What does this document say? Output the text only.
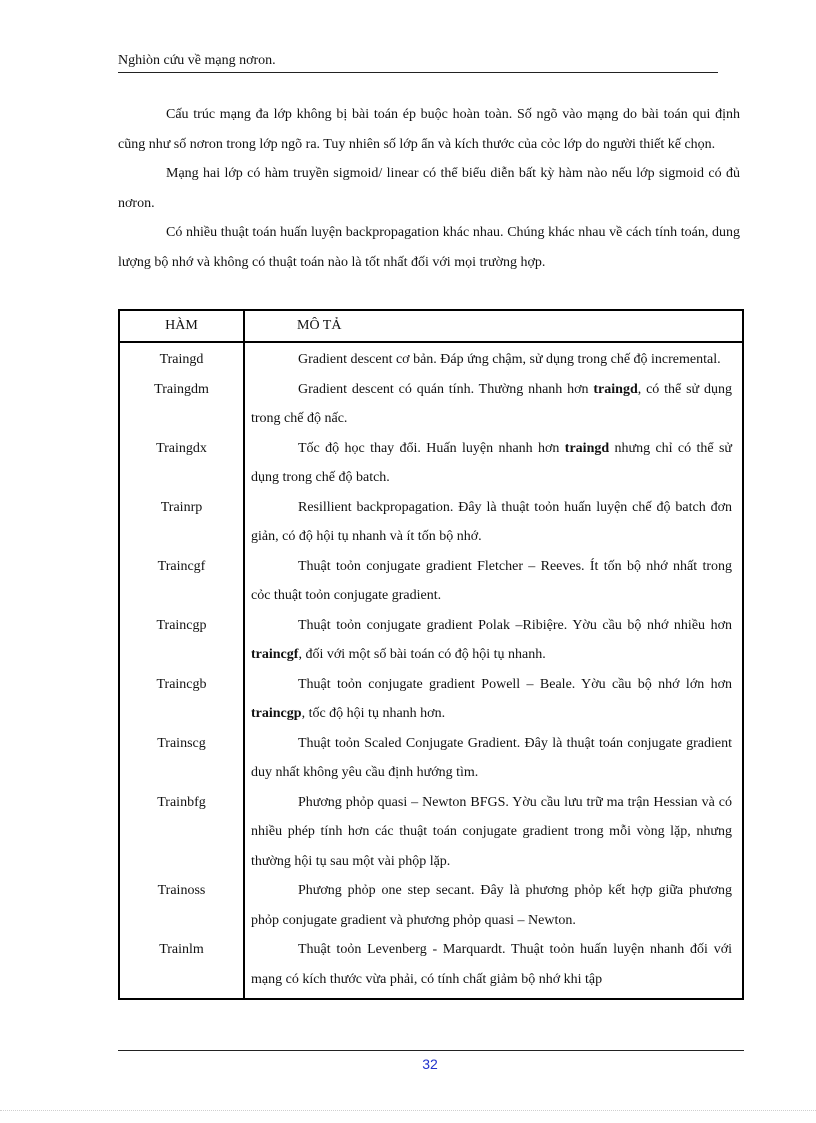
Nghiòn cứu về mạng nơron.

Cấu trúc mạng đa lớp không bị bài toán ép buộc hoàn toàn. Số ngõ vào mạng do bài toán qui định cũng như số nơron trong lớp ngõ ra. Tuy nhiên số lớp ẩn và kích thước của cỏc lớp do người thiết kế chọn.

Mạng hai lớp có hàm truyền sigmoid/ linear có thể biểu diễn bất kỳ hàm nào nếu lớp sigmoid có đủ nơron.

Có nhiều thuật toán huấn luyện backpropagation khác nhau. Chúng khác nhau về cách tính toán, dung lượng bộ nhớ và không có thuật toán nào là tốt nhất đối với mọi trường hợp.

HÀM	MÔ TẢ
Traingd	Gradient descent cơ bản. Đáp ứng chậm, sử dụng trong chế độ incremental.
Traingdm	Gradient descent có quán tính. Thường nhanh hơn traingd, có thể sử dụng trong chế độ nấc.
Traingdx	Tốc độ học thay đổi. Huấn luyện nhanh hơn traingd nhưng chỉ có thể sử dụng trong chế độ batch.
Trainrp	Resillient backpropagation. Đây là thuật toỏn huấn luyện chế độ batch đơn giản, có độ hội tụ nhanh và ít tốn bộ nhớ.
Traincgf	Thuật toỏn conjugate gradient Fletcher – Reeves. Ít tốn bộ nhớ nhất trong cỏc thuật toỏn conjugate gradient.
Traincgp	Thuật toỏn conjugate gradient Polak –Ribiệre. Yờu cầu bộ nhớ nhiều hơn traincgf, đối với một số bài toán có độ hội tụ nhanh.
Traincgb	Thuật toỏn conjugate gradient Powell – Beale. Yờu cầu bộ nhớ lớn hơn traincgp, tốc độ hội tụ nhanh hơn.
Trainscg	Thuật toỏn Scaled Conjugate Gradient. Đây là thuật toán conjugate gradient duy nhất không yêu cầu định hướng tìm.
Trainbfg	Phương phỏp quasi – Newton BFGS. Yờu cầu lưu trữ ma trận Hessian và có nhiều phép tính hơn các thuật toán conjugate gradient trong mỗi vòng lặp, nhưng thường hội tụ sau một vài phộp lặp.
Trainoss	Phương phỏp one step secant. Đây là phương phỏp kết hợp giữa phương phỏp conjugate gradient và phương phỏp quasi – Newton.
Trainlm	Thuật toỏn Levenberg - Marquardt. Thuật toỏn huấn luyện nhanh đối với mạng có kích thước vừa phải, có tính chất giảm bộ nhớ khi tập
32
